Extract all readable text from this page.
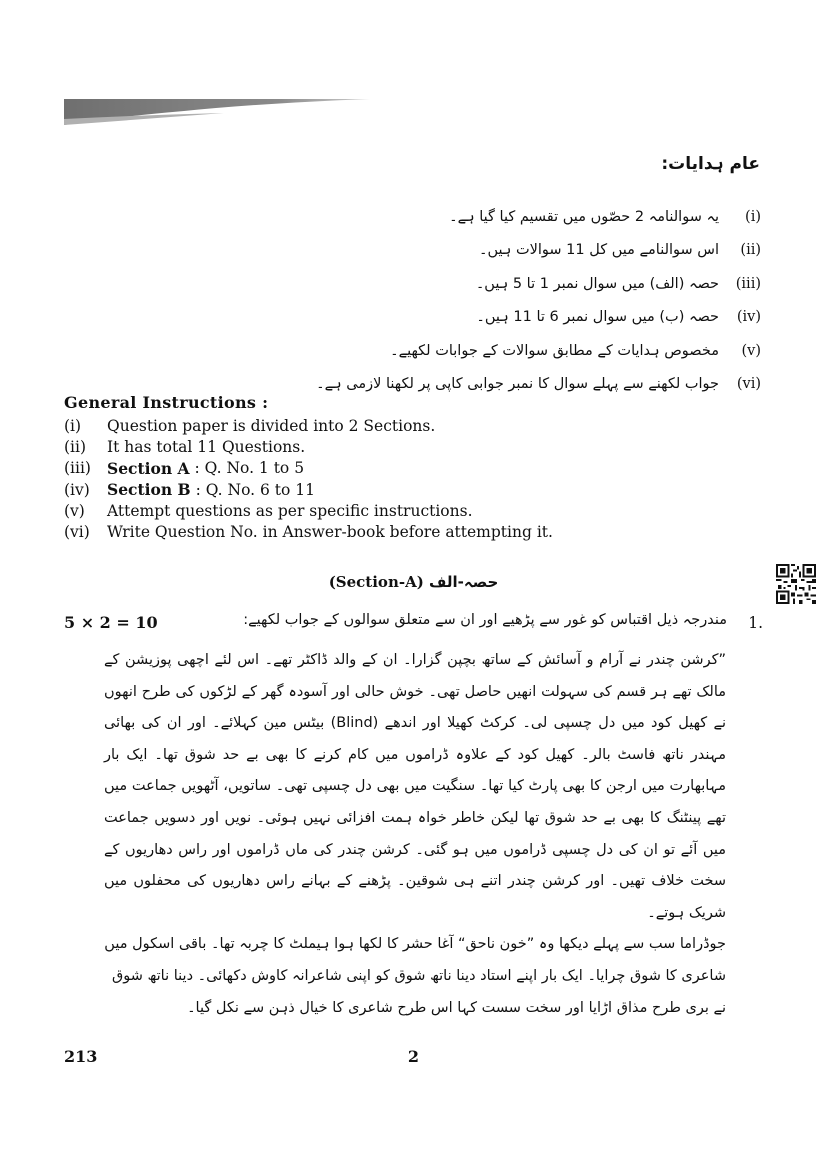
عام ہدایات:
یہ سوالنامہ 2 حصّوں میں تقسیم کیا گیا ہے۔	(i)
اس سوالنامے میں کل 11 سوالات ہیں۔	(ii)
حصہ (الف) میں سوال نمبر 1 تا 5 ہیں۔	(iii)
حصہ (ب) میں سوال نمبر 6 تا 11 ہیں۔	(iv)
مخصوص ہدایات کے مطابق سوالات کے جوابات لکھیے۔	(v)
جواب لکھنے سے پہلے سوال کا نمبر جوابی کاپی پر لکھنا لازمی ہے۔	(vi)
General Instructions :
(i)	Question paper is divided into 2 Sections.
(ii)	It has total 11 Questions.
(iii)	Section A : Q. No. 1 to 5
(iv)	Section B : Q. No. 6 to 11
(v)	Attempt questions as per specific instructions.
(vi)	Write Question No. in Answer-book before attempting it.
(Section-A) حصہ-الف
1.
مندرجہ ذیل اقتباس کو غور سے پڑھیے اور ان سے متعلق سوالوں کے جواب لکھیے:
5 × 2 = 10

”کرشن چندر نے آرام و آسائش کے ساتھ بچپن گزارا۔ ان کے والد ڈاکٹر تھے۔ اس لئے اچھی پوزیشن کے مالک تھے ہر قسم کی سہولت انھیں حاصل تھی۔ خوش حالی اور آسودہ گھر کے لڑکوں کی طرح انھوں نے کھیل کود میں دل چسپی لی۔ کرکٹ کھیلا اور اندھے (Blind) بیٹس مین کہلائے۔ اور ان کی بھائی مہندر ناتھ فاسٹ بالر۔ کھیل کود کے علاوہ ڈراموں میں کام کرنے کا بھی بے حد شوق تھا۔ ایک بار مہابھارت میں ارجن کا بھی پارٹ کیا تھا۔ سنگیت میں بھی دل چسپی تھی۔ ساتویں، آٹھویں جماعت میں تھے پینٹنگ کا بھی بے حد شوق تھا لیکن خاطر خواہ ہمت افزائی نہیں ہوئی۔ نویں اور دسویں جماعت میں آئے تو ان کی دل چسپی ڈراموں میں ہو گئی۔ کرشن چندر کی ماں ڈراموں اور راس دھاریوں کے سخت خلاف تھیں۔ اور کرشن چندر اتنے ہی شوقین۔ پڑھنے کے بہانے راس دھاریوں کی محفلوں میں شریک ہوتے۔

جوڈراما سب سے پہلے دیکھا وہ ”خون ناحق“ آغا حشر کا لکھا ہوا ہیملٹ کا چربہ تھا۔ باقی اسکول میں شاعری کا شوق چرایا۔ ایک بار اپنے استاد دینا ناتھ شوق کو اپنی شاعرانہ کاوش دکھائی۔ دینا ناتھ شوق نے بری طرح مذاق اڑایا اور سخت سست کہا اس طرح شاعری کا خیال ذہن سے نکل گیا۔

213	2
